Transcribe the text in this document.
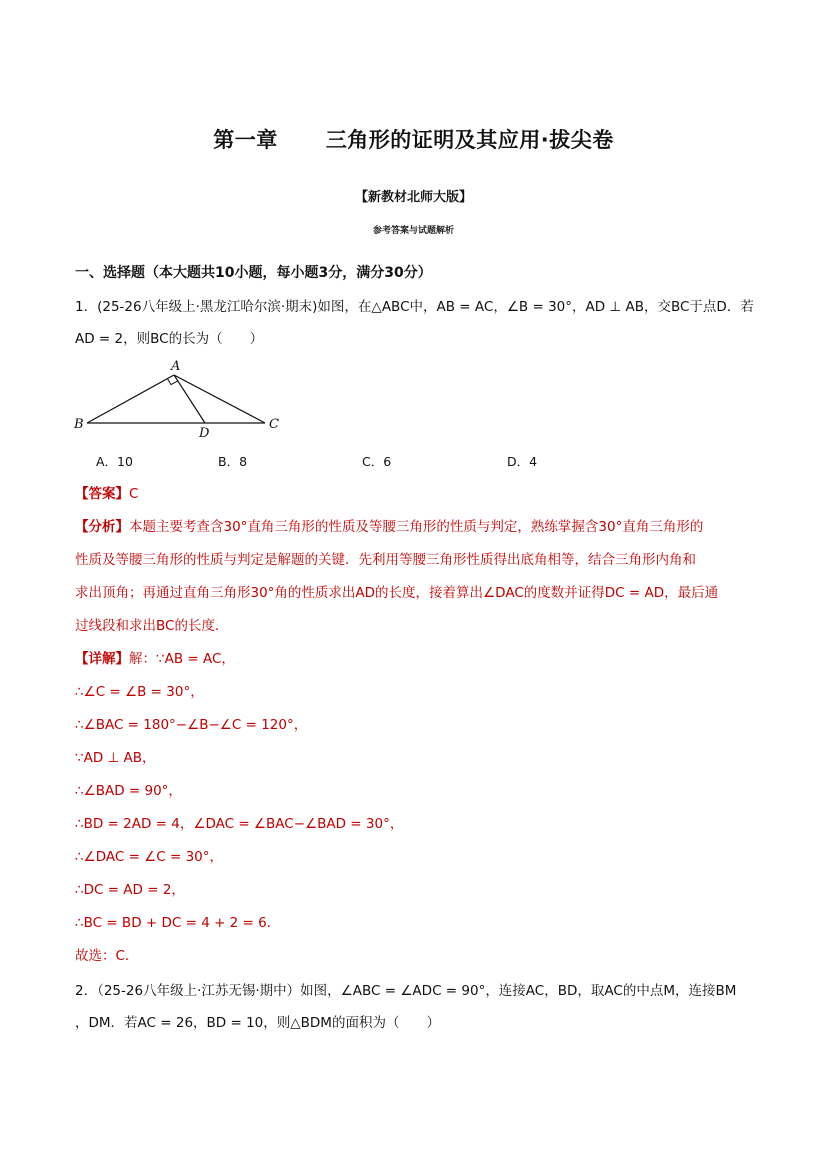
第一章 三角形的证明及其应用·拔尖卷
【新教材北师大版】
参考答案与试题解析
一、选择题（本大题共10小题，每小题3分，满分30分）
1．(25-26八年级上·黑龙江哈尔滨·期末)如图，在△ABC中，AB = AC，∠B = 30°，AD ⊥ AB，交BC于点D．若
AD = 2，则BC的长为（　　）
A
B	C
D
A．10	B．8	C．6	D．4
【答案】C
【分析】本题主要考查含30°直角三角形的性质及等腰三角形的性质与判定，熟练掌握含30°直角三角形的
性质及等腰三角形的性质与判定是解题的关键．先利用等腰三角形性质得出底角相等，结合三角形内角和
求出顶角；再通过直角三角形30°角的性质求出AD的长度，接着算出∠DAC的度数并证得DC = AD，最后通
过线段和求出BC的长度．
【详解】解：∵AB = AC，
∴∠C = ∠B = 30°，
∴∠BAC = 180°−∠B−∠C = 120°，
∵AD ⊥ AB，
∴∠BAD = 90°，
∴BD = 2AD = 4，∠DAC = ∠BAC−∠BAD = 30°，
∴∠DAC = ∠C = 30°，
∴DC = AD = 2，
∴BC = BD + DC = 4 + 2 = 6．
故选：C．
2．（25-26八年级上·江苏无锡·期中）如图，∠ABC = ∠ADC = 90°，连接AC，BD，取AC的中点M，连接BM
，DM．若AC = 26，BD = 10，则△BDM的面积为（　　）
